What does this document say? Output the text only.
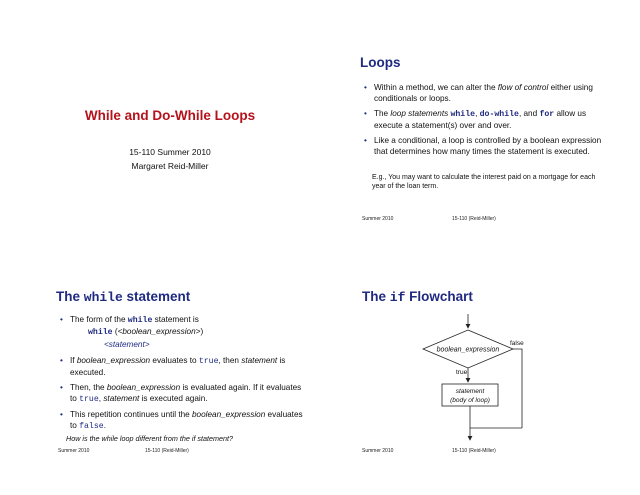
While and Do-While Loops
15-110 Summer 2010
Margaret Reid-Miller
Loops
• Within a method, we can alter the flow of control either using conditionals or loops.
• The loop statements while, do-while, and for allow us execute a statement(s) over and over.
• Like a conditional, a loop is controlled by a boolean expression that determines how many times the statement is executed.
E.g., You may want to calculate the interest paid on a mortgage for each year of the loan term.
Summer 2010	15-110 (Reid-Miller)
The while statement
• The form of the while statement is
while (<boolean_expression>)
<statement>
• If boolean_expression evaluates to true, then statement is executed.
• Then, the boolean_expression is evaluated again. If it evaluates to true, statement is executed again.
• This repetition continues until the boolean_expression evaluates to false.
How is the while loop different from the if statement?
Summer 2010	15-110 (Reid-Miller)
The if Flowchart
boolean_expression
true
statement
(body of loop)
false
Summer 2010	15-110 (Reid-Miller)
